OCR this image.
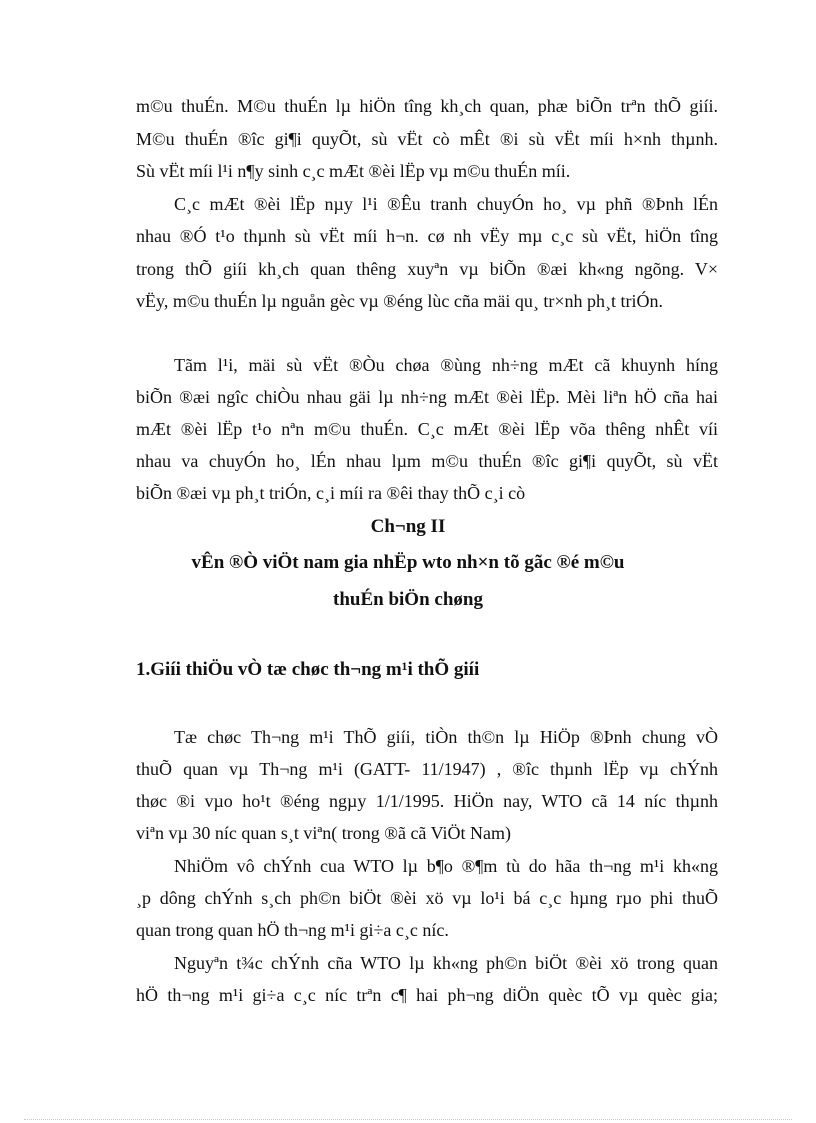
m©u thuÉn. M©u thuÉn lµ hiÖn tîng kh¸ch quan, phæ biÕn trªn thÕ giíi.
M©u thuÉn ®îc gi¶i quyÕt, sù vËt cò mÊt ®i sù vËt míi h×nh thµnh.
Sù vËt míi l¹i n¶y sinh c¸c mÆt ®èi lËp vµ m©u thuÉn míi.
C¸c mÆt ®èi lËp nµy l¹i ®Êu tranh chuyÓn ho¸ vµ phñ ®Þnh lÉn
nhau ®Ó t¹o thµnh sù vËt míi h¬n. cø nh vËy mµ c¸c sù vËt, hiÖn tîng
trong thÕ giíi kh¸ch quan thêng xuyªn vµ biÕn ®æi kh«ng ngõng. V×
vËy, m©u thuÉn lµ nguån gèc vµ ®éng lùc cña mäi qu¸ tr×nh ph¸t triÓn.
Tãm l¹i, mäi sù vËt ®Òu chøa ®ùng nh÷ng mÆt cã khuynh híng
biÕn ®æi ngîc chiÒu nhau gäi lµ nh÷ng mÆt ®èi lËp. Mèi liªn hÖ cña hai
mÆt ®èi lËp t¹o nªn m©u thuÉn. C¸c mÆt ®èi lËp võa thêng nhÊt víi
nhau va chuyÓn ho¸ lÉn nhau lµm m©u thuÉn ®îc gi¶i quyÕt, sù vËt
biÕn ®æi vµ ph¸t triÓn, c¸i míi ra ®êi thay thÕ c¸i cò
Ch¬ng II
vÊn ®Ò viÖt nam gia nhËp wto nh×n tõ gãc ®é m©u
thuÉn biÖn chøng
1.Giíi thiÖu vÒ tæ chøc th¬ng m¹i thÕ giíi
Tæ chøc Th¬ng m¹i ThÕ giíi, tiÒn th©n lµ HiÖp ®Þnh chung vÒ
thuÕ quan vµ Th¬ng m¹i (GATT- 11/1947) , ®îc thµnh lËp vµ chÝnh
thøc ®i vµo ho¹t ®éng ngµy 1/1/1995. HiÖn nay, WTO cã 14 níc thµnh
viªn vµ 30 níc quan s¸t viªn( trong ®ã cã ViÖt Nam)
NhiÖm vô chÝnh cua WTO lµ b¶o ®¶m tù do hãa th¬ng m¹i kh«ng
¸p dông chÝnh s¸ch ph©n biÖt ®èi xö vµ lo¹i bá c¸c hµng rµo phi thuÕ
quan trong quan hÖ th¬ng m¹i gi÷a c¸c níc.
Nguyªn t¾c chÝnh cña WTO lµ kh«ng ph©n biÖt ®èi xö trong quan
hÖ th¬ng m¹i gi÷a c¸c níc trªn c¶ hai ph¬ng diÖn quèc tÕ vµ quèc gia;
